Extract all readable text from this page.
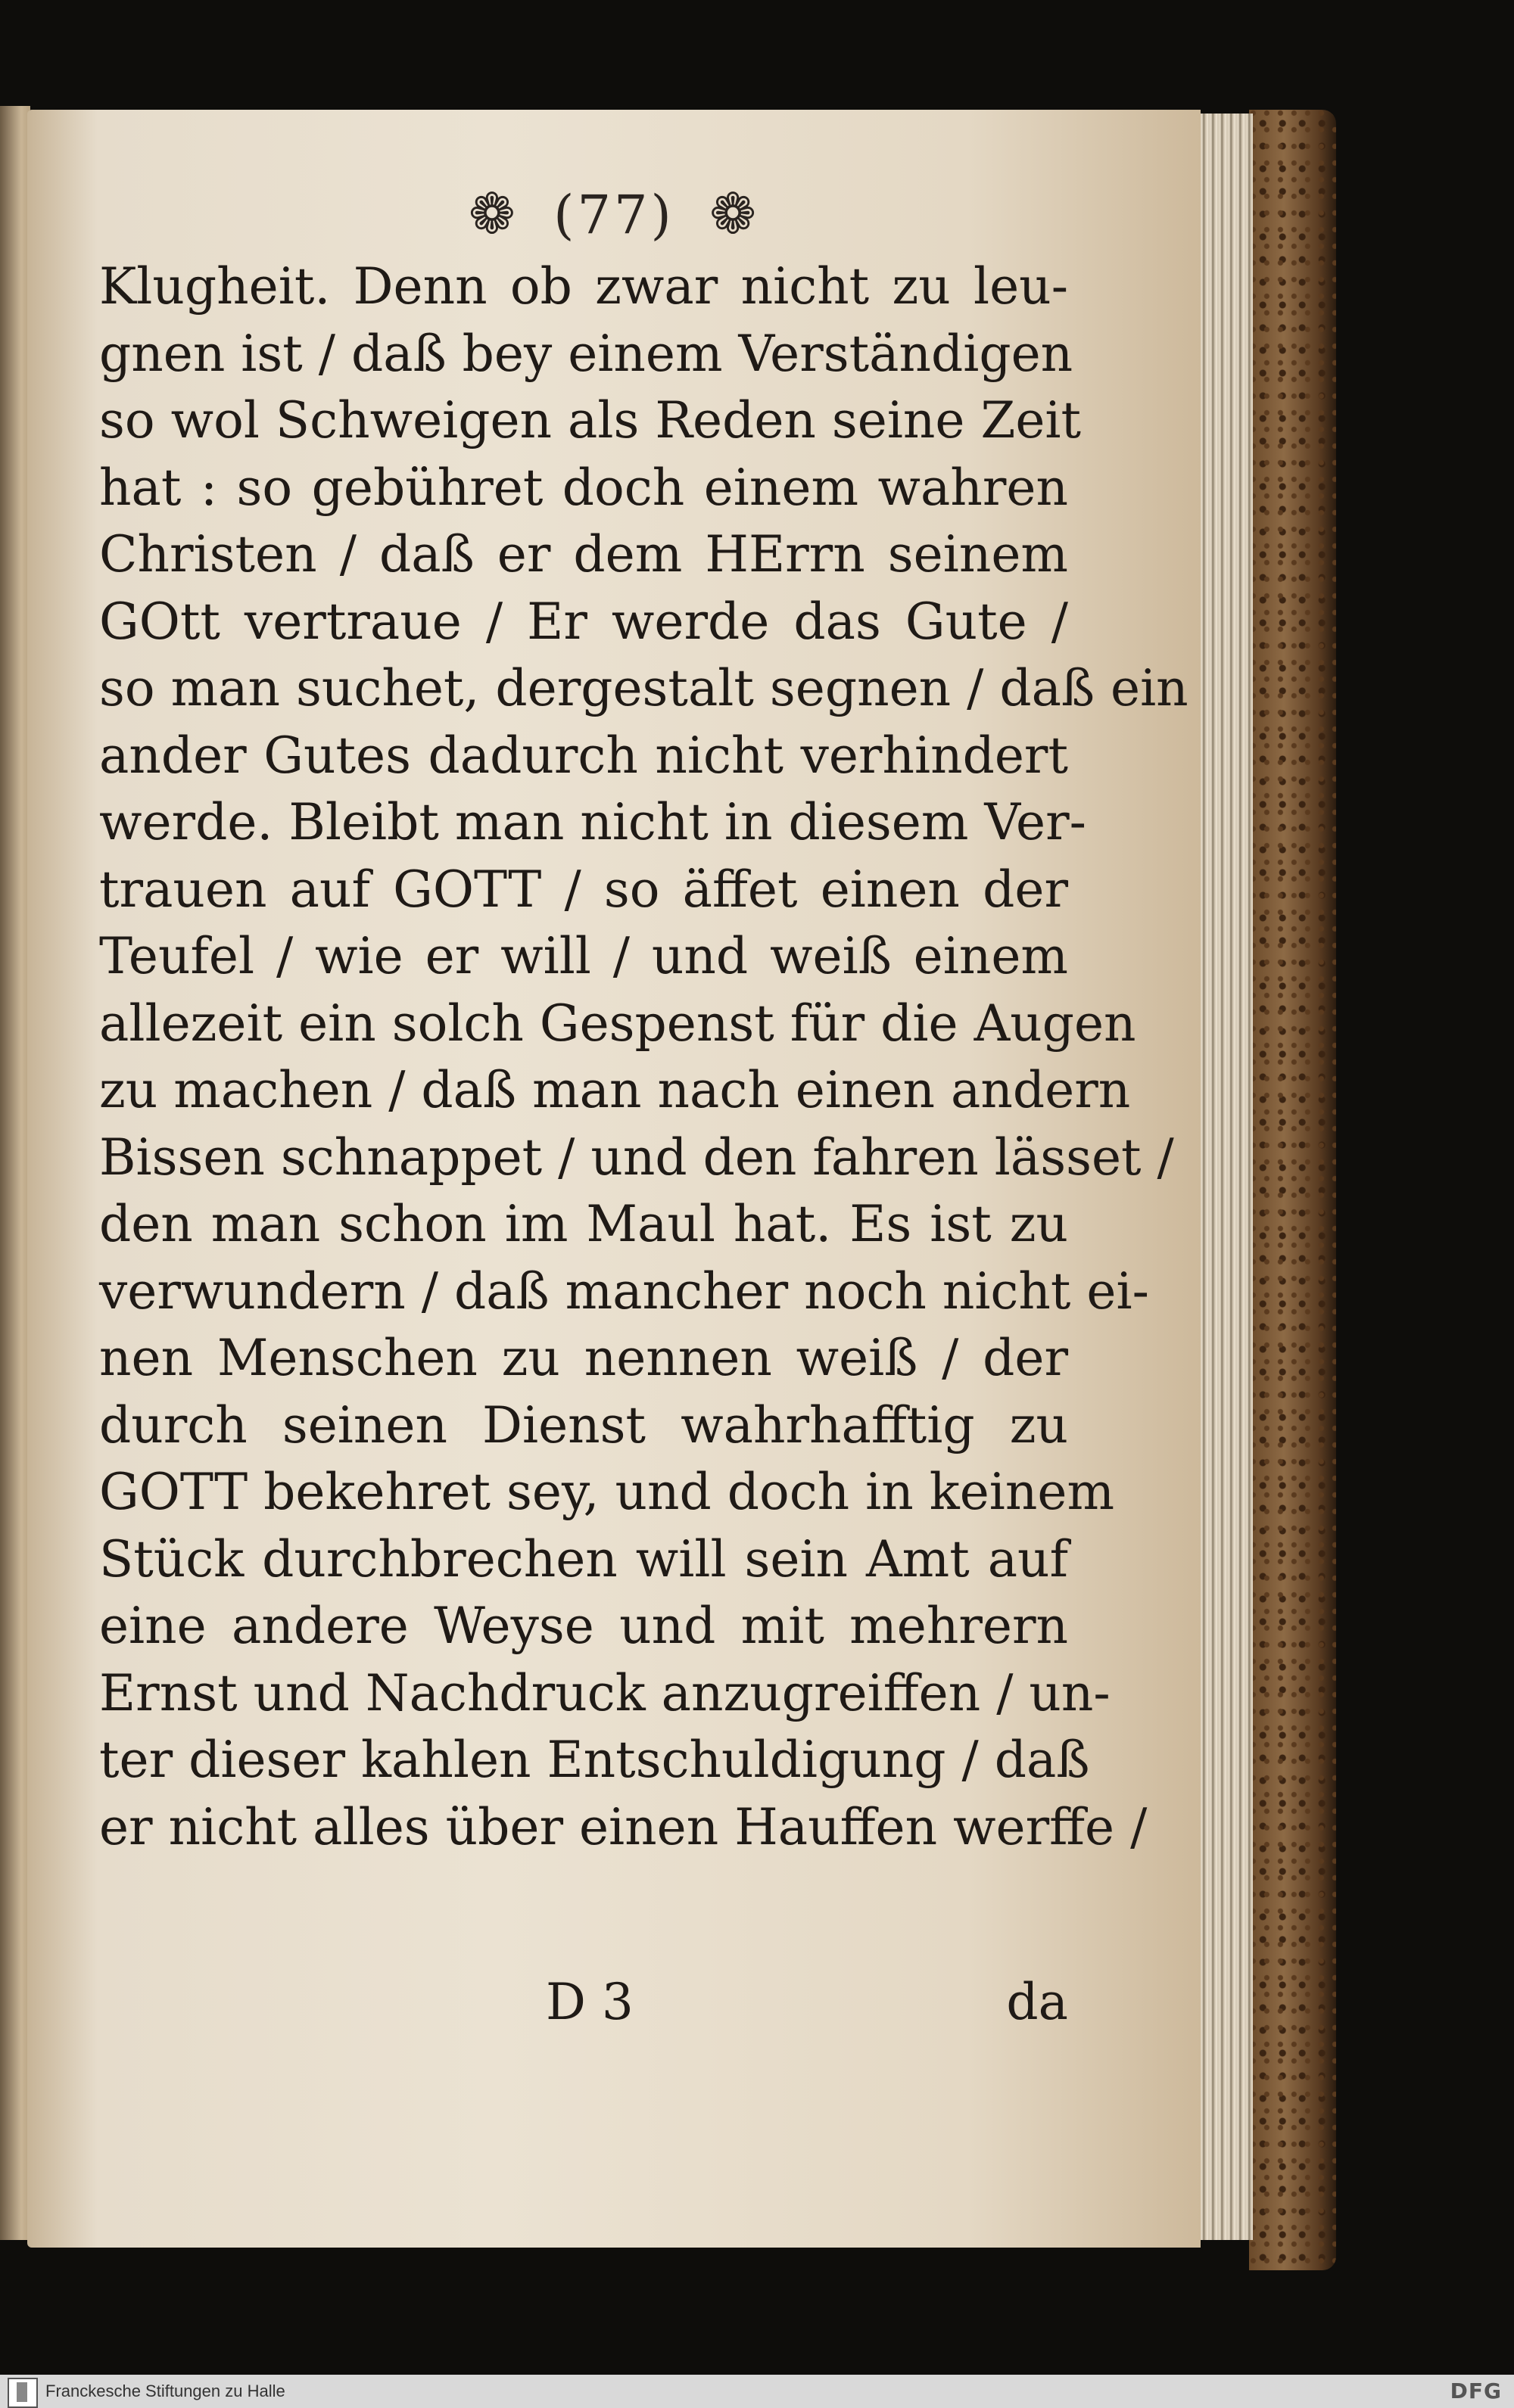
❁ (77) ❁
Klugheit. Denn ob zwar nicht zu leu-
gnen ist / daß bey einem Verständigen
so wol Schweigen als Reden seine Zeit
hat : so gebühret doch einem wahren
Christen / daß er dem HErrn seinem
GOtt vertraue / Er werde das Gute /
so man suchet, dergestalt segnen / daß ein
ander Gutes dadurch nicht verhindert
werde. Bleibt man nicht in diesem Ver-
trauen auf GOTT / so äffet einen der
Teufel / wie er will / und weiß einem
allezeit ein solch Gespenst für die Augen
zu machen / daß man nach einen andern
Bissen schnappet / und den fahren lässet /
den man schon im Maul hat. Es ist zu
verwundern / daß mancher noch nicht ei-
nen Menschen zu nennen weiß / der
durch seinen Dienst wahrhafftig zu
GOTT bekehret sey, und doch in keinem
Stück durchbrechen will sein Amt auf
eine andere Weyse und mit mehrern
Ernst und Nachdruck anzugreiffen / un-
ter dieser kahlen Entschuldigung / daß
er nicht alles über einen Hauffen werffe /
D 3	da
Franckesche Stiftungen zu Halle	DFG
